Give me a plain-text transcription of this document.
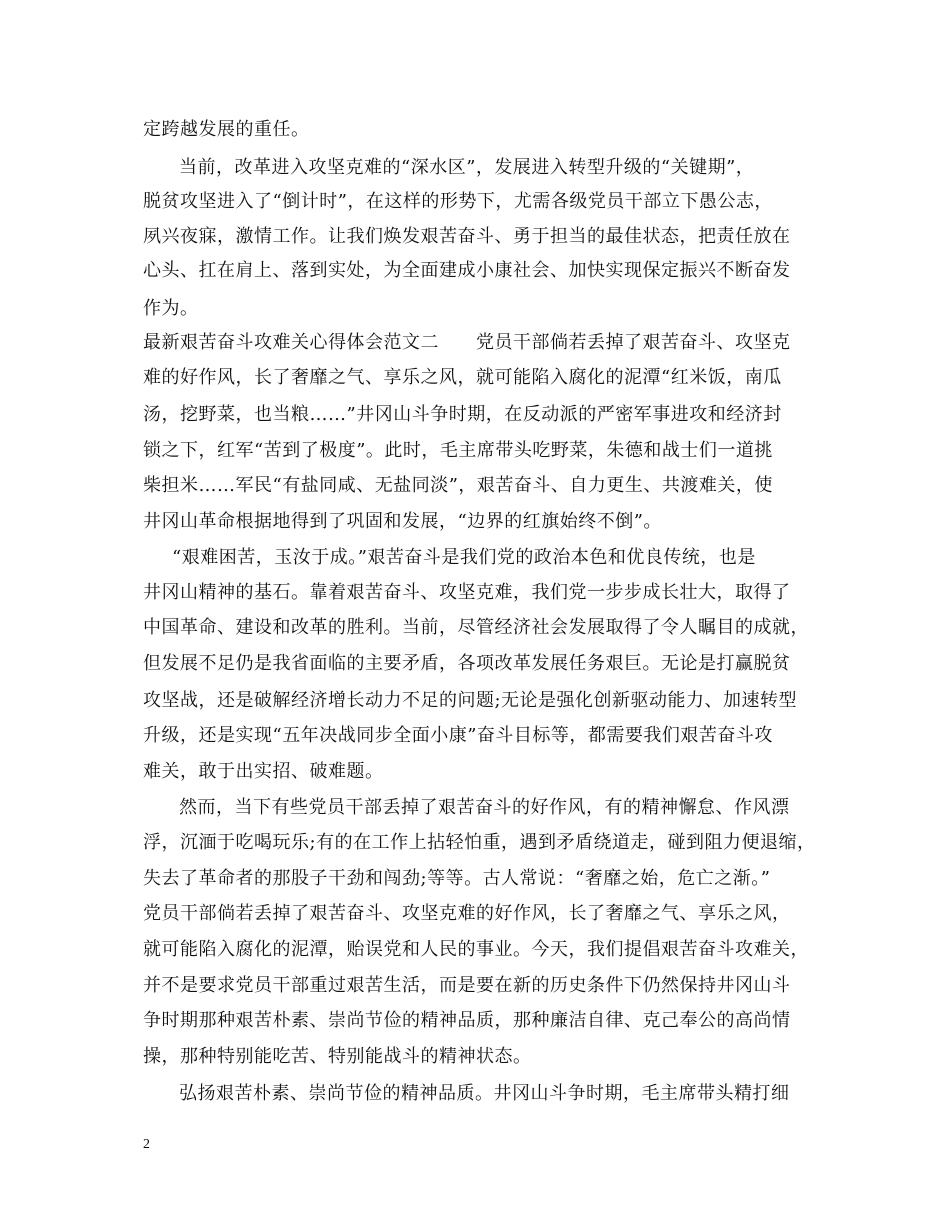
定跨越发展的重任。
当前，改革进入攻坚克难的“深水区”，发展进入转型升级的“关键期”，
脱贫攻坚进入了“倒计时”，在这样的形势下，尤需各级党员干部立下愚公志，
夙兴夜寐，激情工作。让我们焕发艰苦奋斗、勇于担当的最佳状态，把责任放在
心头、扛在肩上、落到实处，为全面建成小康社会、加快实现保定振兴不断奋发
作为。
最新艰苦奋斗攻难关心得体会范文二　　党员干部倘若丢掉了艰苦奋斗、攻坚克
难的好作风，长了奢靡之气、享乐之风，就可能陷入腐化的泥潭“红米饭，南瓜
汤，挖野菜，也当粮……”井冈山斗争时期，在反动派的严密军事进攻和经济封
锁之下，红军“苦到了极度”。此时，毛主席带头吃野菜，朱德和战士们一道挑
柴担米……军民“有盐同咸、无盐同淡”，艰苦奋斗、自力更生、共渡难关，使
井冈山革命根据地得到了巩固和发展，“边界的红旗始终不倒”。
“艰难困苦，玉汝于成。”艰苦奋斗是我们党的政治本色和优良传统，也是
井冈山精神的基石。靠着艰苦奋斗、攻坚克难，我们党一步步成长壮大，取得了
中国革命、建设和改革的胜利。当前，尽管经济社会发展取得了令人瞩目的成就，
但发展不足仍是我省面临的主要矛盾，各项改革发展任务艰巨。无论是打赢脱贫
攻坚战，还是破解经济增长动力不足的问题;无论是强化创新驱动能力、加速转型
升级，还是实现“五年决战同步全面小康”奋斗目标等，都需要我们艰苦奋斗攻
难关，敢于出实招、破难题。
然而，当下有些党员干部丢掉了艰苦奋斗的好作风，有的精神懈怠、作风漂
浮，沉湎于吃喝玩乐;有的在工作上拈轻怕重，遇到矛盾绕道走，碰到阻力便退缩，
失去了革命者的那股子干劲和闯劲;等等。古人常说：“奢靡之始，危亡之渐。”
党员干部倘若丢掉了艰苦奋斗、攻坚克难的好作风，长了奢靡之气、享乐之风，
就可能陷入腐化的泥潭，贻误党和人民的事业。今天，我们提倡艰苦奋斗攻难关，
并不是要求党员干部重过艰苦生活，而是要在新的历史条件下仍然保持井冈山斗
争时期那种艰苦朴素、崇尚节俭的精神品质，那种廉洁自律、克己奉公的高尚情
操，那种特别能吃苦、特别能战斗的精神状态。
弘扬艰苦朴素、崇尚节俭的精神品质。井冈山斗争时期，毛主席带头精打细
2
